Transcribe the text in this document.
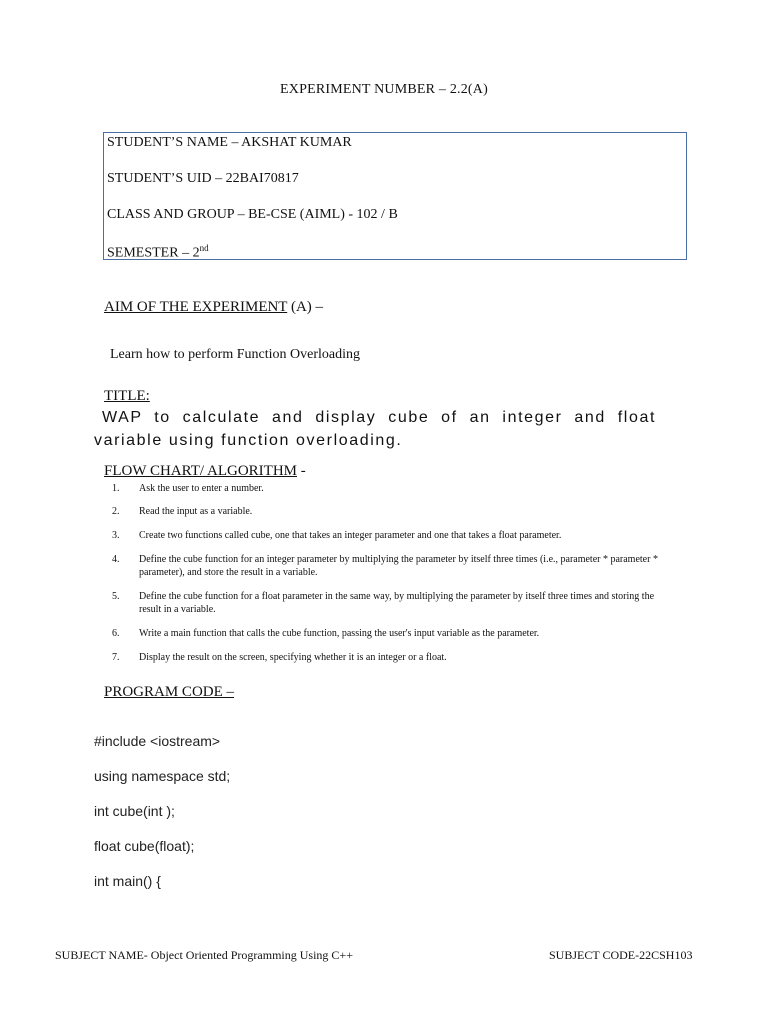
EXPERIMENT NUMBER – 2.2(A)
STUDENT’S NAME – AKSHAT KUMAR
STUDENT’S UID – 22BAI70817
CLASS AND GROUP – BE-CSE (AIML) - 102 / B
SEMESTER – 2nd
AIM OF THE EXPERIMENT (A) –
Learn how to perform Function Overloading
TITLE:
WAP to calculate and display cube of an integer and float variable using function overloading.
FLOW CHART/ ALGORITHM -
1. Ask the user to enter a number.
2. Read the input as a variable.
3. Create two functions called cube, one that takes an integer parameter and one that takes a float parameter.
4. Define the cube function for an integer parameter by multiplying the parameter by itself three times (i.e., parameter * parameter * parameter), and store the result in a variable.
5. Define the cube function for a float parameter in the same way, by multiplying the parameter by itself three times and storing the result in a variable.
6. Write a main function that calls the cube function, passing the user's input variable as the parameter.
7. Display the result on the screen, specifying whether it is an integer or a float.
PROGRAM CODE –
#include <iostream>
using namespace std;
int cube(int );
float cube(float);
int main() {
SUBJECT NAME- Object Oriented Programming Using C++	SUBJECT CODE-22CSH103
